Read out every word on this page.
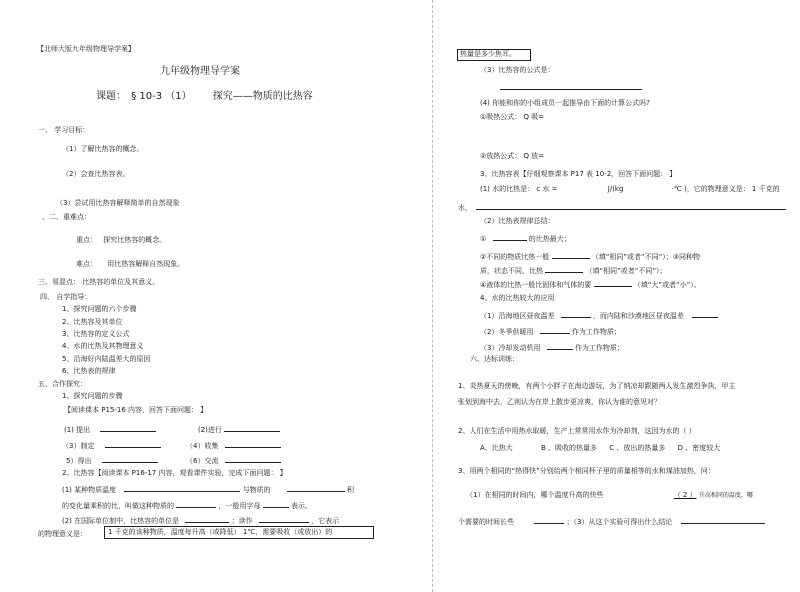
【北师大版九年级物理导学案】
九年级物理导学案
课题： § 10-3 （1） 探究——物质的比热容
一、 学习目标：
（1）了解比热容的概念。
（2）会查比热容表。
（3）尝试用比热容解释简单的自然现象
、二、重难点：
重点： 探究比热容的概念。
难点： 用比热容解释自然现象。
三、易混点： 比热容的单位及其意义。
四、 自学指导：
1、探究问题的六个步骤
2、比热容及其单位
3、比热容的定义公式
4、水的比热及其物理意义
5、沿海好内陆温差大的原因
6、比热表的规律
五、合作探究：
1、探究问题的步骤
【阅读课本 P15-16 内容，回答下面问题： 】
(1) 提出	(2)进行
（3）制定	（4）收集
5）得出	（6）交流
2、比热容【阅读课本 P16-17 内容，观看课件实验，完成下面问题： 】
(1) 某种物质温度	与物质的	积
的变化量乘积的比，叫做这种物质的	，一般用字母	表示。
(2) 在国际单位制中，比热容的单位是	；读作	，它表示
的物理意义是：	1 千克的该种物质，温度每升高（或降低） 1℃，需要吸收（或放出）的
热量是多少焦耳。
（3）比热容的公式是：
(4) 你能和你的小组成员一起推导由下面的计算公式吗?
①吸热公式： Q 吸=
②放热公式： Q 放=
3、比热容表【仔细观察课本 P17 表 10-2，回答下面问题： 】
(1) 水的比热是： c 水 =	J/(kg	·℃ )，它的物理意义是： 1 千克的
水，
（2）比热表规律总结：
①	的比热最大；
②不同的物质比热一般	（填“相同”或者“不同”）；③同种物
质，状态不同，比热	（填“相同”或者“不同”）；
④液体的比热一般比固体和气体的要	（填“大”或者“小”）。
4、水的比热较大的应用
（1）沿海地区昼夜温差	，而内陆和沙漠地区昼夜温差
（2）冬季供暖用	作为工作物质；
（3）冷却发动机用	作为工作物质；
六、达标训练：
1、炎热夏天的傍晚，有两个小胖子在海边游玩，为了纳凉却跟随两人发生激烈争执，甲主
张划到海中去，乙则认为在岸上散步更凉爽，你认为谁的意见对？
2、人们在生活中用热水取暖，生产上常常用水作为冷却剂，这因为水的（ ）
A、比热大	B 、吸收的热量多 C 、放出的热量多 D 、密度较大
3、用两个相同的“热得快”分别给两个相同杯子里的质量相等的水和煤油加热，问：
（1）在相同的时间内，哪个温度升高的快些	（ 2 ） 升高相同的温度，哪
个需要的时间长些	；（3）从这个实验可得出什么结论
